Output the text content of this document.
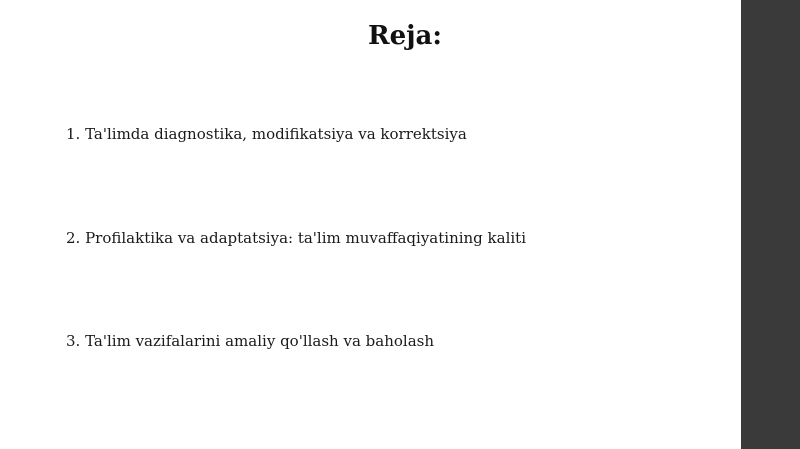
Reja:
1. Ta'limda diagnostika, modifikatsiya va korrektsiya
2. Profilaktika va adaptatsiya: ta'lim muvaffaqiyatining kaliti
3. Ta'lim vazifalarini amaliy qo'llash va baholash
